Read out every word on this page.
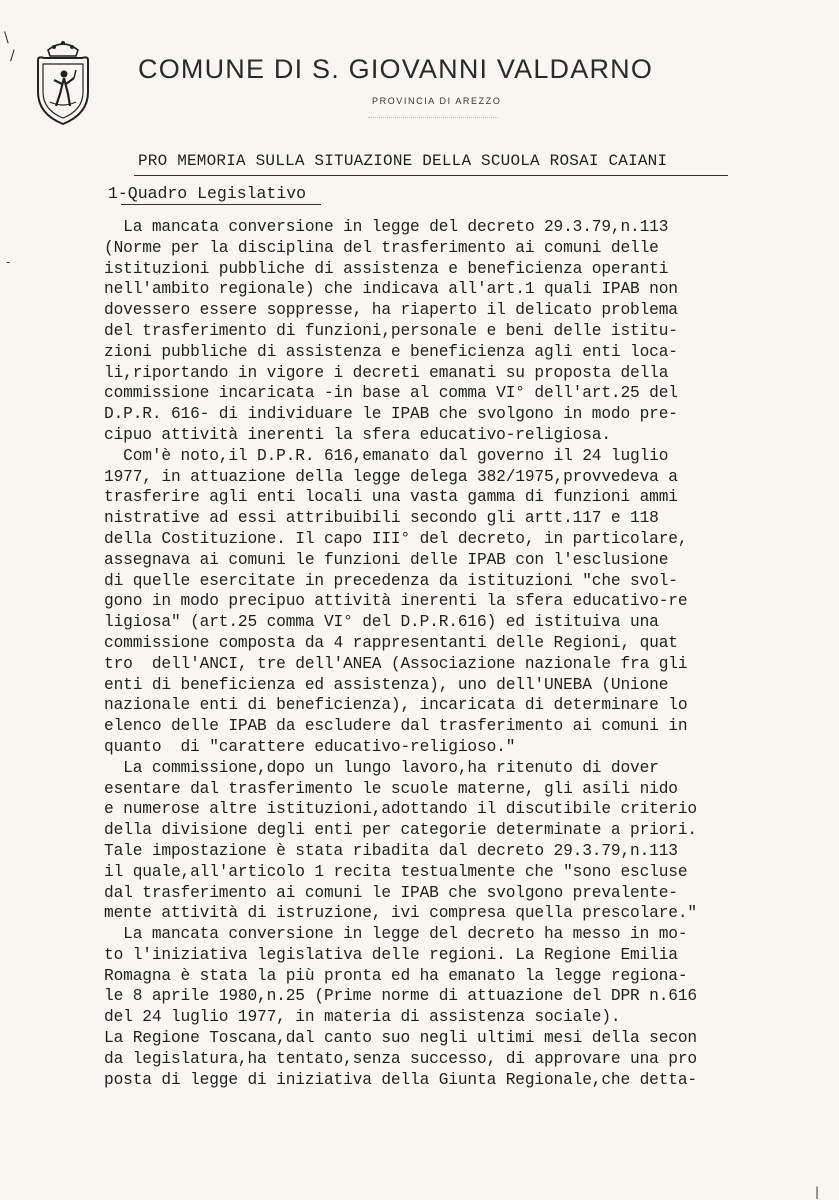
COMUNE DI S. GIOVANNI VALDARNO
PROVINCIA DI AREZZO
PRO MEMORIA SULLA SITUAZIONE DELLA SCUOLA ROSAI CAIANI
1-Quadro Legislativo
La mancata conversione in legge del decreto 29.3.79,n.113
(Norme per la disciplina del trasferimento ai comuni delle
istituzioni pubbliche di assistenza e beneficienza operanti
nell'ambito regionale) che indicava all'art.1 quali IPAB non
dovessero essere soppresse, ha riaperto il delicato problema
del trasferimento di funzioni,personale e beni delle istitu-
zioni pubbliche di assistenza e beneficienza agli enti loca-
li,riportando in vigore i decreti emanati su proposta della
commissione incaricata -in base al comma VI° dell'art.25 del
D.P.R. 616- di individuare le IPAB che svolgono in modo pre-
cipuo attività inerenti la sfera educativo-religiosa.
Com'è noto,il D.P.R. 616,emanato dal governo il 24 luglio
1977, in attuazione della legge delega 382/1975,provvedeva a
trasferire agli enti locali una vasta gamma di funzioni ammi
nistrative ad essi attribuibili secondo gli artt.117 e 118
della Costituzione. Il capo III° del decreto, in particolare,
assegnava ai comuni le funzioni delle IPAB con l'esclusione
di quelle esercitate in precedenza da istituzioni "che svol-
gono in modo precipuo attività inerenti la sfera educativo-re
ligiosa" (art.25 comma VI° del D.P.R.616) ed istituiva una
commissione composta da 4 rappresentanti delle Regioni, quat
tro  dell'ANCI, tre dell'ANEA (Associazione nazionale fra gli
enti di beneficienza ed assistenza), uno dell'UNEBA (Unione
nazionale enti di beneficienza), incaricata di determinare lo
elenco delle IPAB da escludere dal trasferimento ai comuni in
quanto  di "carattere educativo-religioso."
La commissione,dopo un lungo lavoro,ha ritenuto di dover
esentare dal trasferimento le scuole materne, gli asili nido
e numerose altre istituzioni,adottando il discutibile criterio
della divisione degli enti per categorie determinate a priori.
Tale impostazione è stata ribadita dal decreto 29.3.79,n.113
il quale,all'articolo 1 recita testualmente che "sono escluse
dal trasferimento ai comuni le IPAB che svolgono prevalente-
mente attività di istruzione, ivi compresa quella prescolare."
La mancata conversione in legge del decreto ha messo in mo-
to l'iniziativa legislativa delle regioni. La Regione Emilia
Romagna è stata la più pronta ed ha emanato la legge regiona-
le 8 aprile 1980,n.25 (Prime norme di attuazione del DPR n.616
del 24 luglio 1977, in materia di assistenza sociale).
La Regione Toscana,dal canto suo negli ultimi mesi della secon
da legislatura,ha tentato,senza successo, di approvare una pro
posta di legge di iniziativa della Giunta Regionale,che detta-
\
/
-
|
